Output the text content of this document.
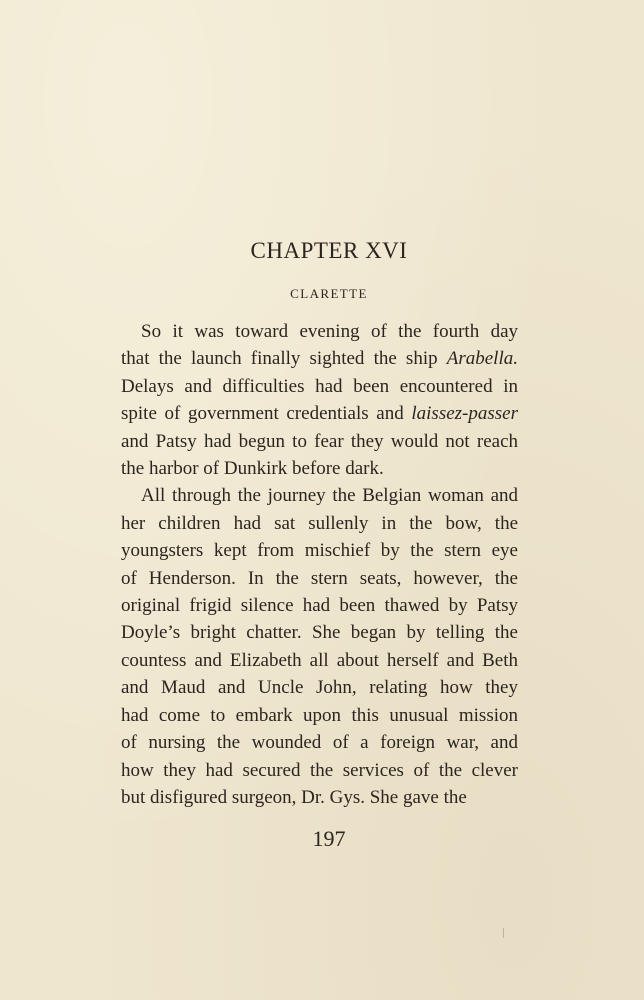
CHAPTER XVI
CLARETTE
So it was toward evening of the fourth day
that the launch finally sighted the ship Arabella.
Delays and difficulties had been encountered in
spite of government credentials and laissez-passer
and Patsy had begun to fear they would not reach
the harbor of Dunkirk before dark.
All through the journey the Belgian woman and
her children had sat sullenly in the bow, the
youngsters kept from mischief by the stern eye
of Henderson. In the stern seats, however, the
original frigid silence had been thawed by Patsy
Doyle’s bright chatter. She began by telling the
countess and Elizabeth all about herself and Beth
and Maud and Uncle John, relating how they
had come to embark upon this unusual mission
of nursing the wounded of a foreign war, and
how they had secured the services of the clever
but disfigured surgeon, Dr. Gys. She gave the
197
